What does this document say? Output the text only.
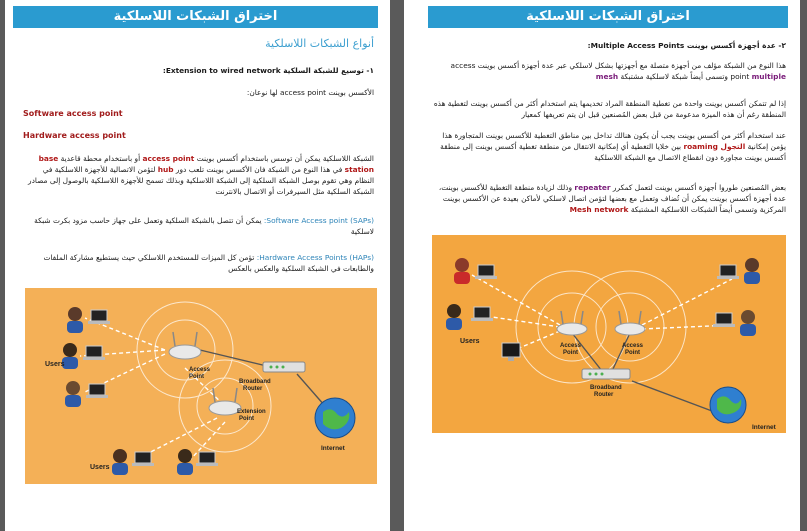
اختراق الشبكات اللاسلكية
أنواع الشبكات اللاسلكية
١- توسيع للشبكة السلكية Extension to wired network:
الأكسس بوينت access point لها نوعان:
Software access point
Hardware access point
الشبكة اللاسلكية يمكن أن توسس باستخدام أكسس بوينت access point أو باستخدام محطة قاعدية base station في هذا النوع من الشبكة فان الأكسس بوينت تلعب دور hub لتؤمن الاتصالية للأجهزة اللاسلكية في النظام وهي تقوم بوصل الشبكة السلكية إلى الشبكة اللاسلكية وبذلك تسمح للأجهزة اللاسلكية بالوصول إلى مصادر الشبكة السلكية مثل السيرفرات أو الاتصال بالانترنت
Software Access point (SAPs): يمكن أن تتصل بالشبكة السلكية وتعمل على جهاز حاسب مزود بكرت شبكة لاسلكية
Hardware Access Points (HAPs): تؤمن كل الميزات للمستخدم اللاسلكي حيث يستطيع مشاركة الملفات والطابعات في الشبكة السلكية والعكس بالعكس
Users
Users
Access
Point
Extension
Point
Broadband
Router
Internet
اختراق الشبكات اللاسلكية
٢- عدة أجهزة أكسس بوينت Multiple Access Points:
هذا النوع من الشبكة مؤلف من أجهزة متصلة مع أجهزتها بشكل لاسلكي عبر عدة أجهزة أكسس بوينت access point multiple وتسمى أيضاً شبكة لاسلكية مشتبكة mesh
إذا لم تتمكن أكسس بوينت واحدة من تغطية المنطقة المراد تخديمها يتم استخدام أكثر من أكسس بوينت لتغطية هذه المنطقة رغم أن هذه الميزة مدعومة من قبل بعض المُصنعين قبل ان يتم تعريفها كمعيار
عند استخدام أكثر من أكسس بوينت يجب أن يكون هنالك تداخل بين مناطق التغطية للأكسس بوينت المتجاورة هذا يؤمن إمكانية التجول roaming بين خلايا التغطية أي إمكانية الانتقال من منطقة تغطية أكسس بوينت إلى منطقة أكسس بوينت مجاورة دون انقطاع الاتصال مع الشبكة اللاسلكية
بعض المُصنعين طوروا أجهزة أكسس بوينت لتعمل كمكرر repeater وذلك لزيادة منطقة التغطية للأكسس بوينت، عدة أجهزة أكسس بوينت يمكن أن تُضاف وتعمل مع بعضها لتؤمن اتصال لاسلكي لأماكن بعيدة عن الأكسس بوينت المركزية وتسمى أيضاً الشبكات اللاسلكية المشتبكة Mesh network
Users
Access
Point
Access
Point
Broadband
Router
Internet
